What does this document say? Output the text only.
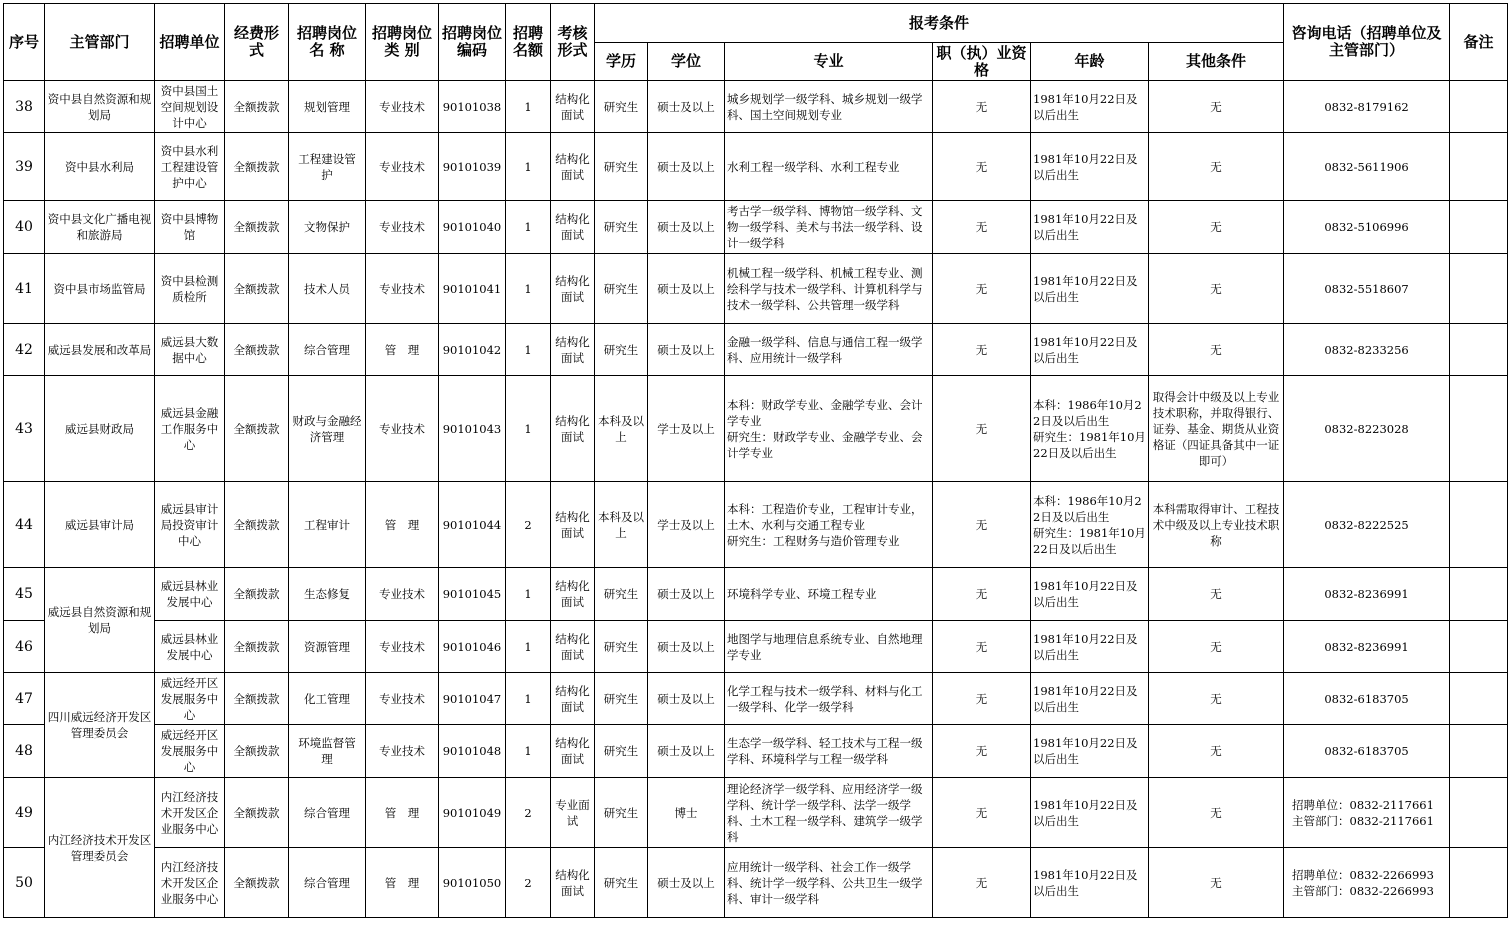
序号	主管部门	招聘单位	经费形式	招聘岗位名 称	招聘岗位类 别	招聘岗位编码	招聘名额	考核形式	报考条件						咨询电话（招聘单位及主管部门）	备注
									学历	学位	专业	职（执）业资格	年龄	其他条件		
38	资中县自然资源和规划局	资中县国土空间规划设计中心	全额拨款	规划管理	专业技术	90101038	1	结构化面试	研究生	硕士及以上	城乡规划学一级学科、城乡规划一级学科、国土空间规划专业	无	1981年10月22日及以后出生	无	0832-8179162	
39	资中县水利局	资中县水利工程建设管护中心	全额拨款	工程建设管　护	专业技术	90101039	1	结构化面试	研究生	硕士及以上	水利工程一级学科、水利工程专业	无	1981年10月22日及以后出生	无	0832-5611906	
40	资中县文化广播电视和旅游局	资中县博物馆	全额拨款	文物保护	专业技术	90101040	1	结构化面试	研究生	硕士及以上	考古学一级学科、博物馆一级学科、文物一级学科、美术与书法一级学科、设计一级学科	无	1981年10月22日及以后出生	无	0832-5106996	
41	资中县市场监管局	资中县检测质检所	全额拨款	技术人员	专业技术	90101041	1	结构化面试	研究生	硕士及以上	机械工程一级学科、机械工程专业、测绘科学与技术一级学科、计算机科学与技术一级学科、公共管理一级学科	无	1981年10月22日及以后出生	无	0832-5518607	
42	威远县发展和改革局	威远县大数据中心	全额拨款	综合管理	管　理	90101042	1	结构化面试	研究生	硕士及以上	金融一级学科、信息与通信工程一级学科、应用统计一级学科	无	1981年10月22日及以后出生	无	0832-8233256	
43	威远县财政局	威远县金融工作服务中心	全额拨款	财政与金融经济管理	专业技术	90101043	1	结构化面试	本科及以上	学士及以上	本科：财政学专业、金融学专业、会计学专业
研究生：财政学专业、金融学专业、会计学专业	无	本科：1986年10月22日及以后出生
研究生：1981年10月22日及以后出生	取得会计中级及以上专业技术职称，并取得银行、证券、基金、期货从业资格证（四证具备其中一证即可）	0832-8223028	
44	威远县审计局	威远县审计局投资审计中心	全额拨款	工程审计	管　理	90101044	2	结构化面试	本科及以上	学士及以上	本科：工程造价专业，工程审计专业，土木、水利与交通工程专业
研究生：工程财务与造价管理专业	无	本科：1986年10月22日及以后出生
研究生：1981年10月22日及以后出生	本科需取得审计、工程技术中级及以上专业技术职称	0832-8222525	
45	威远县自然资源和规划局	威远县林业发展中心	全额拨款	生态修复	专业技术	90101045	1	结构化面试	研究生	硕士及以上	环境科学专业、环境工程专业	无	1981年10月22日及以后出生	无	0832-8236991	
46		威远县林业发展中心	全额拨款	资源管理	专业技术	90101046	1	结构化面试	研究生	硕士及以上	地图学与地理信息系统专业、自然地理学专业	无	1981年10月22日及以后出生	无	0832-8236991	
47	四川威远经济开发区管理委员会	威远经开区发展服务中心	全额拨款	化工管理	专业技术	90101047	1	结构化面试	研究生	硕士及以上	化学工程与技术一级学科、材料与化工一级学科、化学一级学科	无	1981年10月22日及以后出生	无	0832-6183705	
48		威远经开区发展服务中心	全额拨款	环境监督管　理	专业技术	90101048	1	结构化面试	研究生	硕士及以上	生态学一级学科、轻工技术与工程一级学科、环境科学与工程一级学科	无	1981年10月22日及以后出生	无	0832-6183705	
49	内江经济技术开发区管理委员会	内江经济技术开发区企业服务中心	全额拨款	综合管理	管　理	90101049	2	专业面试	研究生	博士	理论经济学一级学科、应用经济学一级学科、统计学一级学科、法学一级学科、土木工程一级学科、建筑学一级学科	无	1981年10月22日及以后出生	无	招聘单位：0832-2117661
主管部门：0832-2117661	
50		内江经济技术开发区企业服务中心	全额拨款	综合管理	管　理	90101050	2	结构化面试	研究生	硕士及以上	应用统计一级学科、社会工作一级学科、统计学一级学科、公共卫生一级学科、审计一级学科	无	1981年10月22日及以后出生	无	招聘单位：0832-2266993
主管部门：0832-2266993	
